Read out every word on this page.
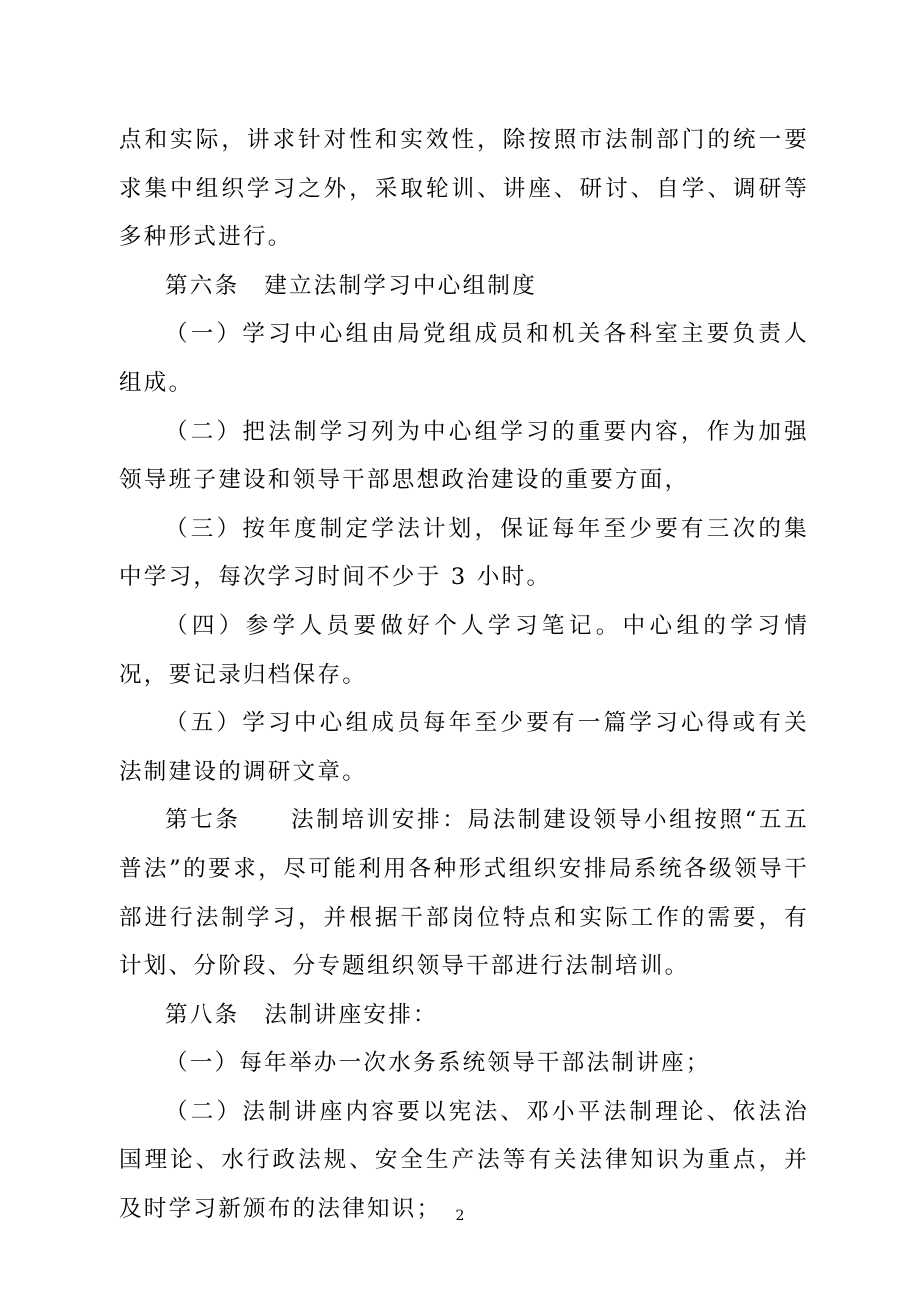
点和实际，讲求针对性和实效性，除按照市法制部门的统一要求集中组织学习之外，采取轮训、讲座、研讨、自学、调研等多种形式进行。

第六条　建立法制学习中心组制度

（一）学习中心组由局党组成员和机关各科室主要负责人组成。

（二）把法制学习列为中心组学习的重要内容，作为加强领导班子建设和领导干部思想政治建设的重要方面，

（三）按年度制定学法计划，保证每年至少要有三次的集中学习，每次学习时间不少于 3 小时。

（四）参学人员要做好个人学习笔记。中心组的学习情况，要记录归档保存。

（五）学习中心组成员每年至少要有一篇学习心得或有关法制建设的调研文章。

第七条　　法制培训安排：局法制建设领导小组按照“五五普法”的要求，尽可能利用各种形式组织安排局系统各级领导干部进行法制学习，并根据干部岗位特点和实际工作的需要，有计划、分阶段、分专题组织领导干部进行法制培训。

第八条　法制讲座安排：

（一）每年举办一次水务系统领导干部法制讲座；

（二）法制讲座内容要以宪法、邓小平法制理论、依法治国理论、水行政法规、安全生产法等有关法律知识为重点，并及时学习新颁布的法律知识；	2
